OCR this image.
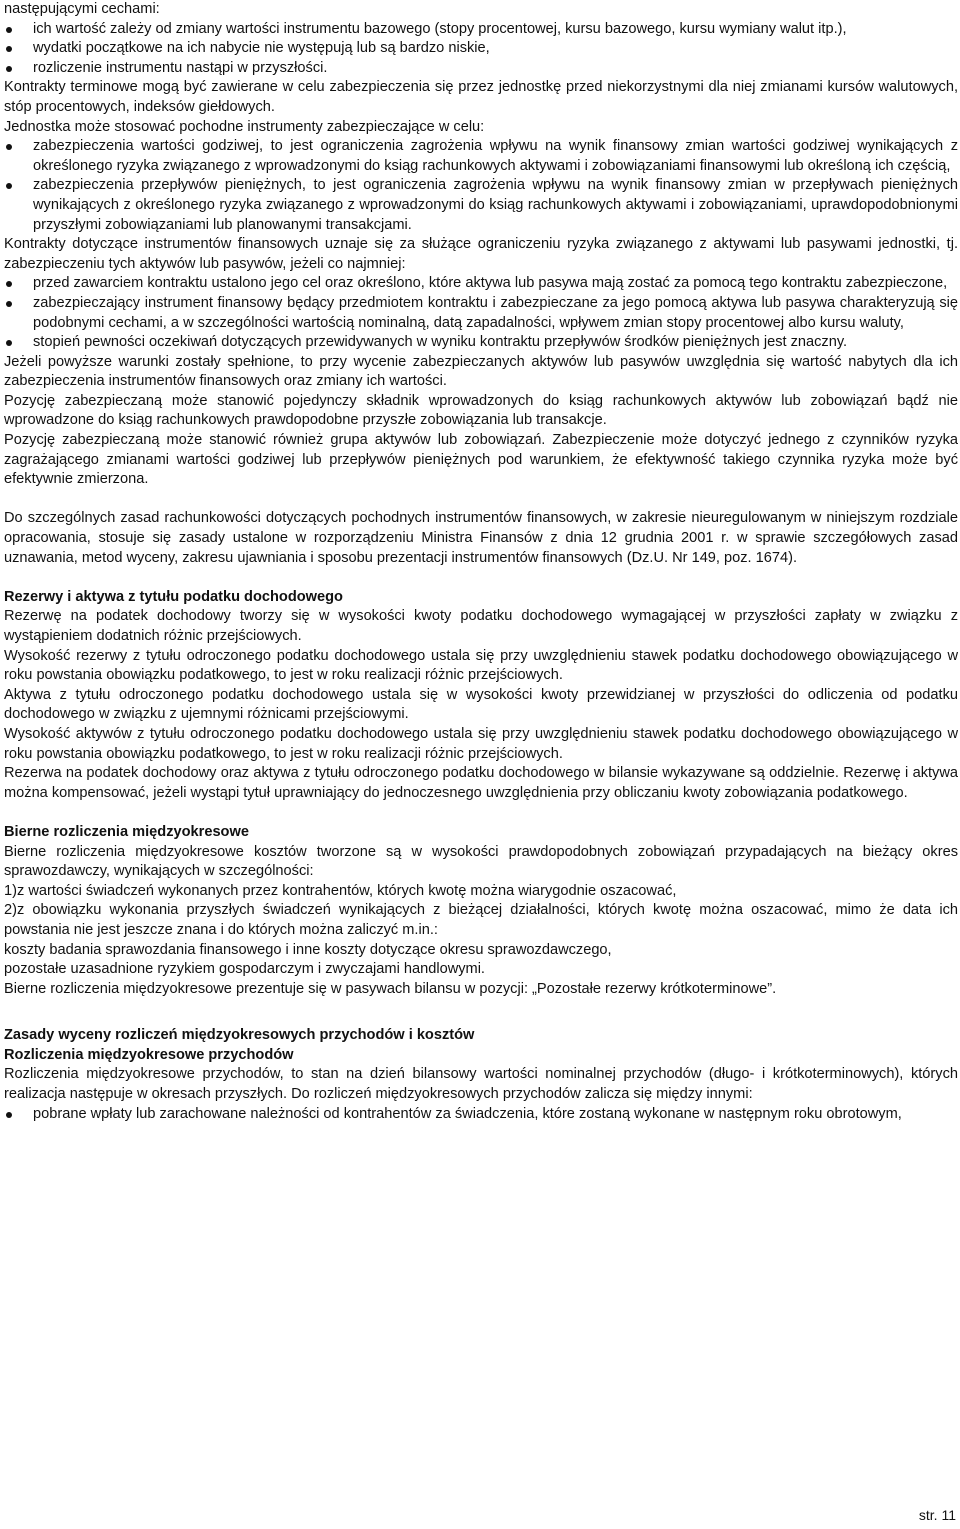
następującymi cechami:

ich wartość zależy od zmiany wartości instrumentu bazowego (stopy procentowej, kursu bazowego, kursu wymiany walut itp.),
wydatki początkowe na ich nabycie nie występują lub są bardzo niskie,
rozliczenie instrumentu nastąpi w przyszłości.

Kontrakty terminowe mogą być zawierane w celu zabezpieczenia się przez jednostkę przed niekorzystnymi dla niej zmianami kursów walutowych, stóp procentowych, indeksów giełdowych.

Jednostka może stosować pochodne instrumenty zabezpieczające w celu:

zabezpieczenia wartości godziwej, to jest ograniczenia zagrożenia wpływu na wynik finansowy zmian wartości godziwej wynikających z określonego ryzyka związanego z wprowadzonymi do ksiąg rachunkowych aktywami i zobowiązaniami finansowymi lub określoną ich częścią,
zabezpieczenia przepływów pieniężnych, to jest ograniczenia zagrożenia wpływu na wynik finansowy zmian w przepływach pieniężnych wynikających z określonego ryzyka związanego z wprowadzonymi do ksiąg rachunkowych aktywami i zobowiązaniami, uprawdopodobnionymi przyszłymi zobowiązaniami lub planowanymi transakcjami.

Kontrakty dotyczące instrumentów finansowych uznaje się za służące ograniczeniu ryzyka związanego z aktywami lub pasywami jednostki, tj. zabezpieczeniu tych aktywów lub pasywów, jeżeli co najmniej:

przed zawarciem kontraktu ustalono jego cel oraz określono, które aktywa lub pasywa mają zostać za pomocą tego kontraktu zabezpieczone,
zabezpieczający instrument finansowy będący przedmiotem kontraktu i zabezpieczane za jego pomocą aktywa lub pasywa charakteryzują się podobnymi cechami, a w szczególności wartością nominalną, datą zapadalności, wpływem zmian stopy procentowej albo kursu waluty,
stopień pewności oczekiwań dotyczących przewidywanych w wyniku kontraktu przepływów środków pieniężnych jest znaczny.

Jeżeli powyższe warunki zostały spełnione, to przy wycenie zabezpieczanych aktywów lub pasywów uwzględnia się wartość nabytych dla ich zabezpieczenia instrumentów finansowych oraz zmiany ich wartości.

Pozycję zabezpieczaną może stanowić pojedynczy składnik wprowadzonych do ksiąg rachunkowych aktywów lub zobowiązań bądź nie wprowadzone do ksiąg rachunkowych prawdopodobne przyszłe zobowiązania lub transakcje.

Pozycję zabezpieczaną może stanowić również grupa aktywów lub zobowiązań. Zabezpieczenie może dotyczyć jednego z czynników ryzyka zagrażającego zmianami wartości godziwej lub przepływów pieniężnych pod warunkiem, że efektywność takiego czynnika ryzyka może być efektywnie zmierzona.

Do szczególnych zasad rachunkowości dotyczących pochodnych instrumentów finansowych, w zakresie nieuregulowanym w niniejszym rozdziale opracowania, stosuje się zasady ustalone w rozporządzeniu Ministra Finansów z dnia 12 grudnia 2001 r. w sprawie szczegółowych zasad uznawania, metod wyceny, zakresu ujawniania i sposobu prezentacji instrumentów finansowych (Dz.U. Nr 149, poz. 1674).

Rezerwy i aktywa z tytułu podatku dochodowego

Rezerwę na podatek dochodowy tworzy się w wysokości kwoty podatku dochodowego wymagającej w przyszłości zapłaty w związku z wystąpieniem dodatnich różnic przejściowych.

Wysokość rezerwy z tytułu odroczonego podatku dochodowego ustala się przy uwzględnieniu stawek podatku dochodowego obowiązującego w roku powstania obowiązku podatkowego, to jest w roku realizacji różnic przejściowych.

Aktywa z tytułu odroczonego podatku dochodowego ustala się w wysokości kwoty przewidzianej w przyszłości do odliczenia od podatku dochodowego w związku z ujemnymi różnicami przejściowymi.

Wysokość aktywów z tytułu odroczonego podatku dochodowego ustala się przy uwzględnieniu stawek podatku dochodowego obowiązującego w roku powstania obowiązku podatkowego, to jest w roku realizacji różnic przejściowych.

Rezerwa na podatek dochodowy oraz aktywa z tytułu odroczonego podatku dochodowego w bilansie wykazywane są oddzielnie. Rezerwę i aktywa można kompensować, jeżeli wystąpi tytuł uprawniający do jednoczesnego uwzględnienia przy obliczaniu kwoty zobowiązania podatkowego.

Bierne rozliczenia międzyokresowe

Bierne rozliczenia międzyokresowe kosztów tworzone są w wysokości prawdopodobnych zobowiązań przypadających na bieżący okres sprawozdawczy, wynikających w szczególności:

1)z wartości świadczeń wykonanych przez kontrahentów, których kwotę można wiarygodnie oszacować,

2)z obowiązku wykonania przyszłych świadczeń wynikających z bieżącej działalności, których kwotę można oszacować, mimo że data ich powstania nie jest jeszcze znana i do których można zaliczyć m.in.:

koszty badania sprawozdania finansowego i inne koszty dotyczące okresu sprawozdawczego,

pozostałe uzasadnione ryzykiem gospodarczym i zwyczajami handlowymi.

Bierne rozliczenia międzyokresowe prezentuje się w pasywach bilansu w pozycji: „Pozostałe rezerwy krótkoterminowe”.

Zasady wyceny rozliczeń międzyokresowych przychodów i kosztów
Rozliczenia międzyokresowe przychodów

Rozliczenia międzyokresowe przychodów, to stan na dzień bilansowy wartości nominalnej przychodów (długo- i krótkoterminowych), których realizacja następuje w okresach przyszłych. Do rozliczeń międzyokresowych przychodów zalicza się między innymi:

pobrane wpłaty lub zarachowane należności od kontrahentów za świadczenia, które zostaną wykonane w następnym roku obrotowym,
str. 11
